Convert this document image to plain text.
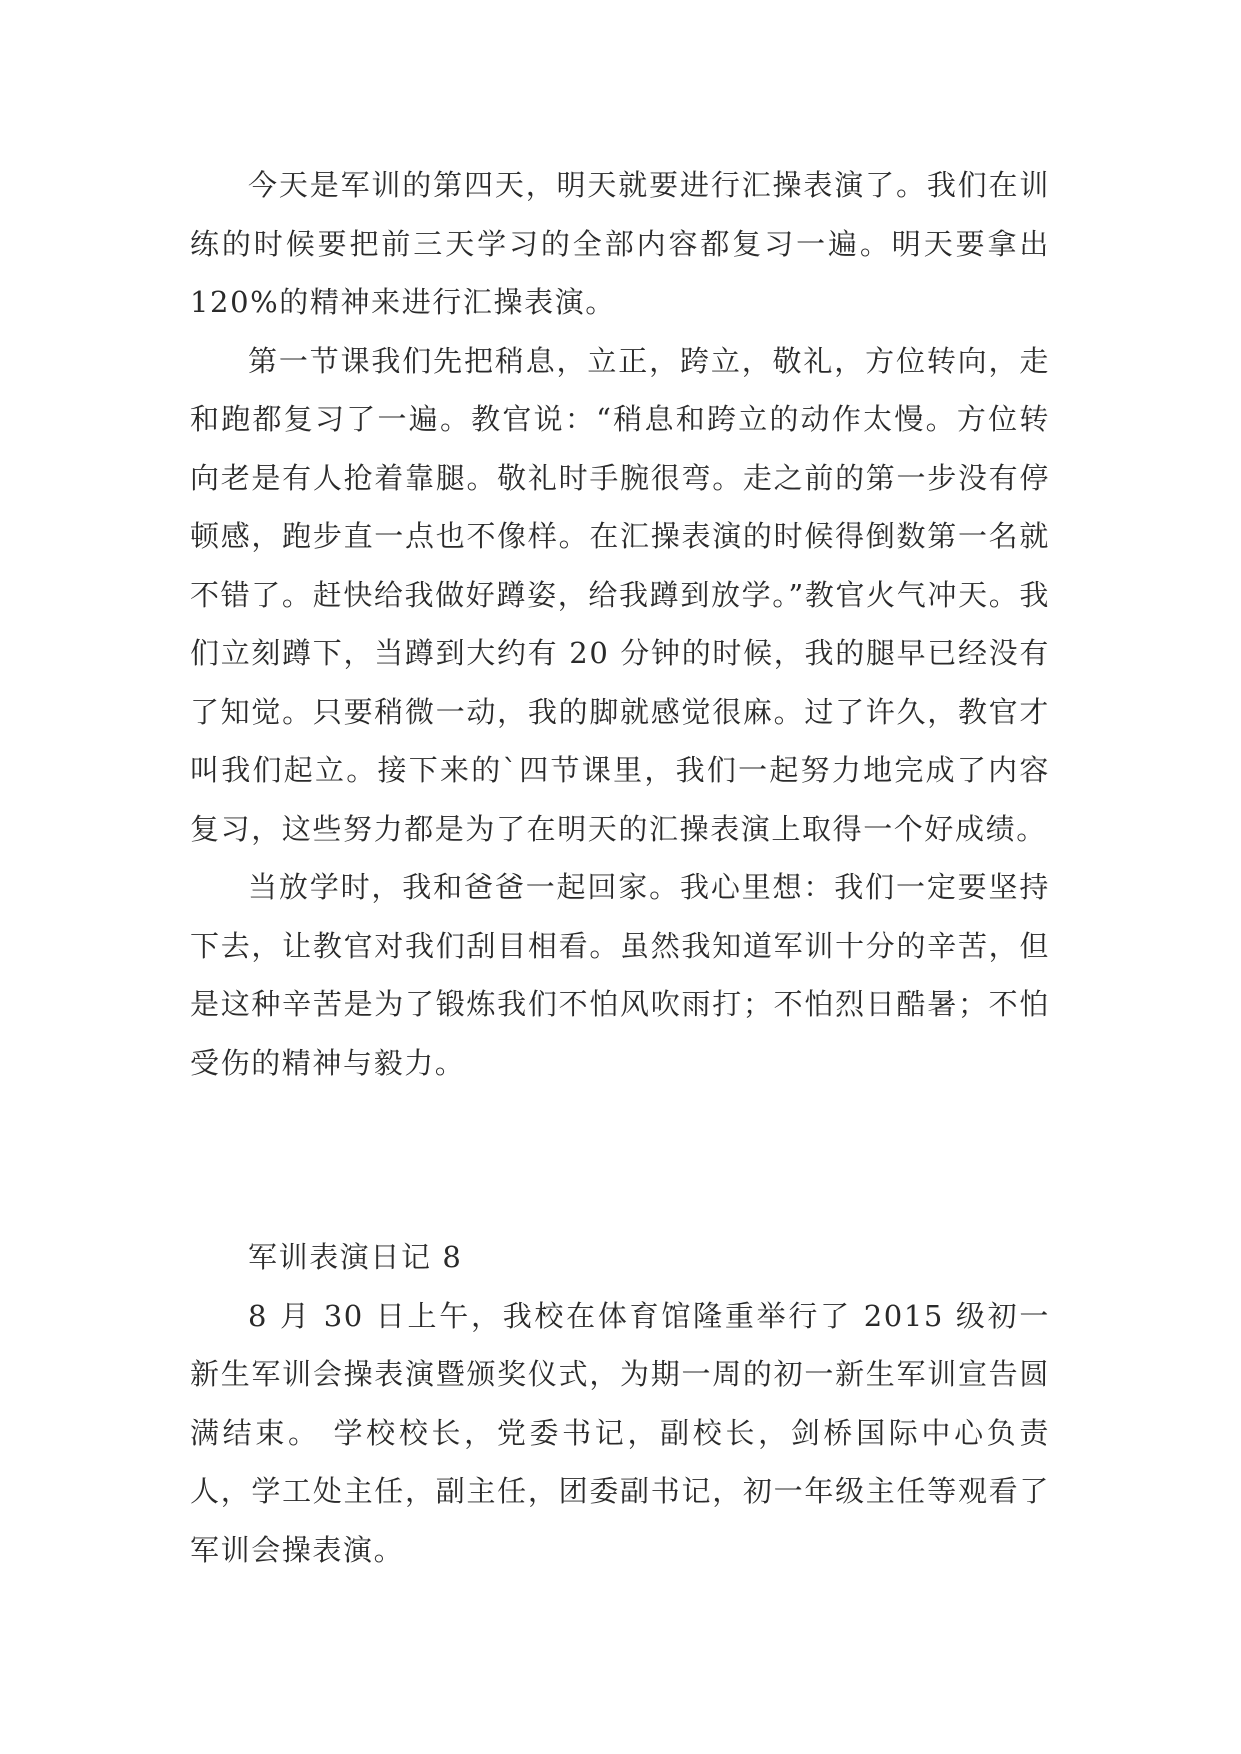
今天是军训的第四天，明天就要进行汇操表演了。我们在训练的时候要把前三天学习的全部内容都复习一遍。明天要拿出 120%的精神来进行汇操表演。

第一节课我们先把稍息，立正，跨立，敬礼，方位转向，走和跑都复习了一遍。教官说：“稍息和跨立的动作太慢。方位转向老是有人抢着靠腿。敬礼时手腕很弯。走之前的第一步没有停顿感，跑步直一点也不像样。在汇操表演的时候得倒数第一名就不错了。赶快给我做好蹲姿，给我蹲到放学。”教官火气冲天。我们立刻蹲下，当蹲到大约有 20 分钟的时候，我的腿早已经没有了知觉。只要稍微一动，我的脚就感觉很麻。过了许久，教官才叫我们起立。接下来的`四节课里，我们一起努力地完成了内容复习，这些努力都是为了在明天的汇操表演上取得一个好成绩。

当放学时，我和爸爸一起回家。我心里想：我们一定要坚持下去，让教官对我们刮目相看。虽然我知道军训十分的辛苦，但是这种辛苦是为了锻炼我们不怕风吹雨打；不怕烈日酷暑；不怕受伤的精神与毅力。

军训表演日记 8

8 月 30 日上午，我校在体育馆隆重举行了 2015 级初一新生军训会操表演暨颁奖仪式，为期一周的初一新生军训宣告圆满结束。 学校校长，党委书记，副校长，剑桥国际中心负责人，学工处主任，副主任，团委副书记，初一年级主任等观看了军训会操表演。
